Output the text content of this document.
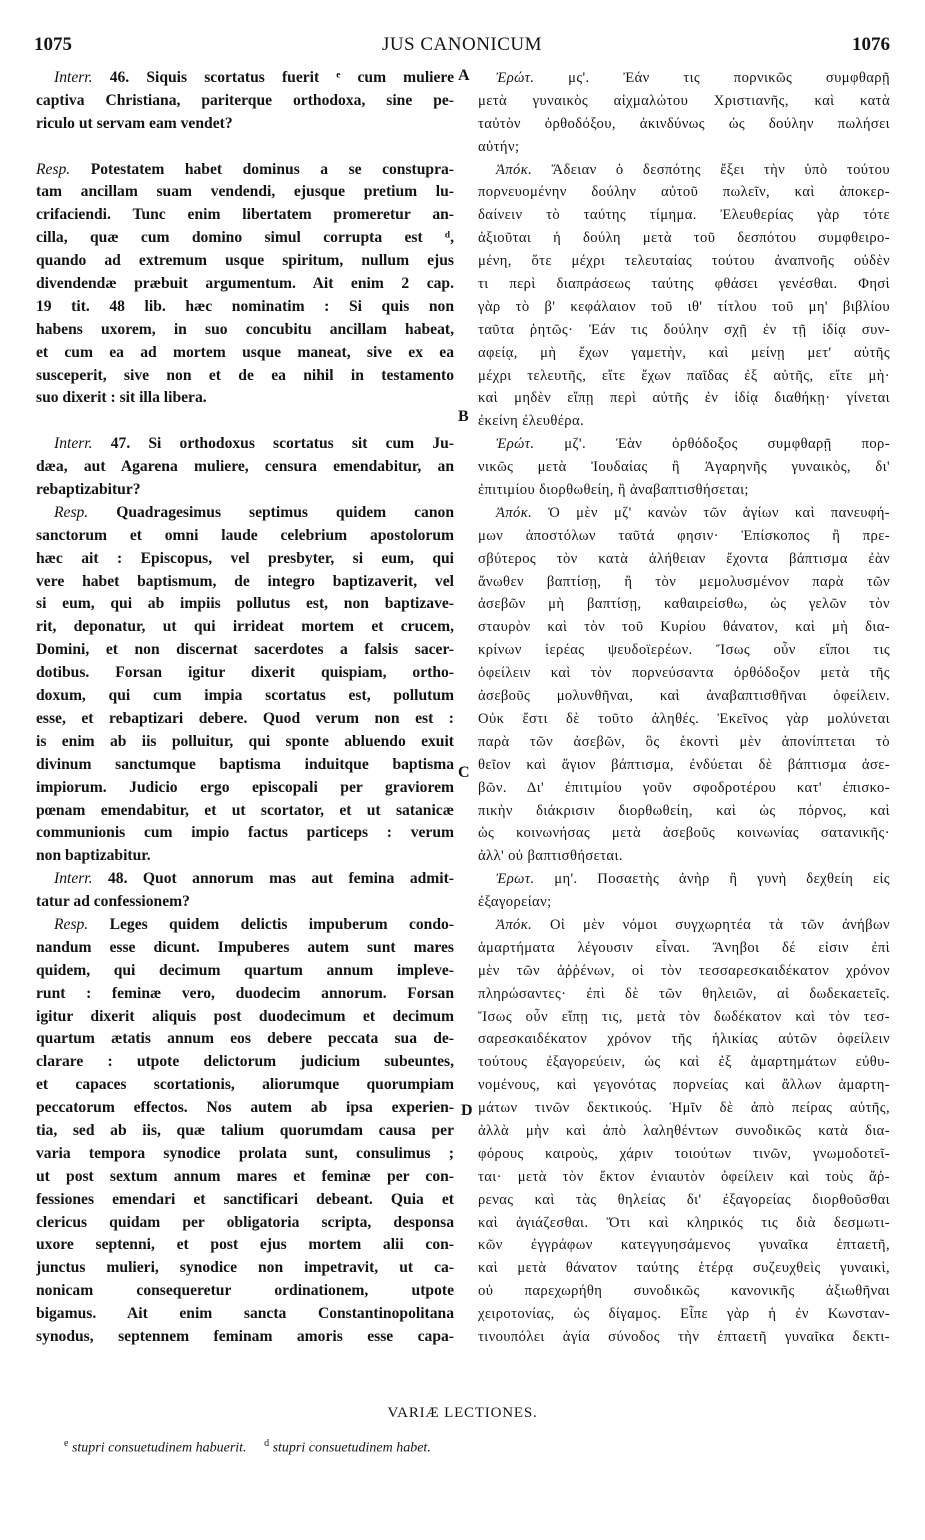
1075	JUS CANONICUM	1076
Interr. 46. Siquis scortatus fuerit ᵉ cum muliere
captiva Christiana, pariterque orthodoxa, sine pe-
riculo ut servam eam vendet?
Resp. Potestatem habet dominus a se constupra-
tam ancillam suam vendendi, ejusque pretium lu-
crifaciendi. Tunc enim libertatem promeretur an-
cilla, quæ cum domino simul corrupta est ᵈ,
quando ad extremum usque spiritum, nullum ejus
divendendæ præbuit argumentum. Ait enim 2 cap.
19 tit. 48 lib. hæc nominatim : Si quis non
habens uxorem, in suo concubitu ancillam habeat,
et cum ea ad mortem usque maneat, sive ex ea
susceperit, sive non et de ea nihil in testamento
suo dixerit : sit illa libera.
Interr. 47. Si orthodoxus scortatus sit cum Ju-
dæa, aut Agarena muliere, censura emendabitur, an
rebaptizabitur?
Resp. Quadragesimus septimus quidem canon
sanctorum et omni laude celebrium apostolorum
hæc ait : Episcopus, vel presbyter, si eum, qui
vere habet baptismum, de integro baptizaverit, vel
si eum, qui ab impiis pollutus est, non baptizave-
rit, deponatur, ut qui irrideat mortem et crucem,
Domini, et non discernat sacerdotes a falsis sacer-
dotibus. Forsan igitur dixerit quispiam, ortho-
doxum, qui cum impia scortatus est, pollutum
esse, et rebaptizari debere. Quod verum non est :
is enim ab iis polluitur, qui sponte abluendo exuit
divinum sanctumque baptisma induitque baptisma
impiorum. Judicio ergo episcopali per graviorem
pœnam emendabitur, et ut scortator, et ut satanicæ
communionis cum impio factus particeps : verum
non baptizabitur.
Interr. 48. Quot annorum mas aut femina admit-
tatur ad confessionem?
Resp. Leges quidem delictis impuberum condo-
nandum esse dicunt. Impuberes autem sunt mares
quidem, qui decimum quartum annum impleve-
runt : feminæ vero, duodecim annorum. Forsan
igitur dixerit aliquis post duodecimum et decimum
quartum ætatis annum eos debere peccata sua de-
clarare : utpote delictorum judicium subeuntes,
et capaces scortationis, aliorumque quorumpiam
peccatorum effectos. Nos autem ab ipsa experien-
tia, sed ab iis, quæ talium quorumdam causa per
varia tempora synodice prolata sunt, consulimus ;
ut post sextum annum mares et feminæ per con-
fessiones emendari et sanctificari debeant. Quia et
clericus quidam per obligatoria scripta, desponsa
uxore septenni, et post ejus mortem alii con-
junctus mulieri, synodice non impetravit, ut ca-
nonicam consequeretur ordinationem, utpote
bigamus. Ait enim sancta Constantinopolitana
synodus, septennem feminam amoris esse capa-
Ἐρώτ. μς'. Ἐάν τις πορνικῶς συμφθαρῇ
μετὰ γυναικὸς αἰχμαλώτου Χριστιανῆς, καὶ κατὰ
ταὐτὸν ὀρθοδόξου, ἀκινδύνως ὡς δούλην πωλήσει
αὐτήν;
Ἀπόκ. Ἄδειαν ὁ δεσπότης ἔξει τὴν ὑπὸ τούτου
πορνευομένην δούλην αὐτοῦ πωλεῖν, καὶ ἀποκερ-
δαίνειν τὸ ταύτης τίμημα. Ἐλευθερίας γὰρ τότε
ἀξιοῦται ἡ δούλη μετὰ τοῦ δεσπότου συμφθειρο-
μένη, ὅτε μέχρι τελευταίας τούτου ἀναπνοῆς οὐδὲν
τι περὶ διαπράσεως ταύτης φθάσει γενέσθαι. Φησὶ
γὰρ τὸ β' κεφάλαιον τοῦ ιθ' τίτλου τοῦ μη' βιβλίου
ταῦτα ῥητῶς· Ἐάν τις δούλην σχῇ ἐν τῇ ἰδίᾳ συν-
αφείᾳ, μὴ ἔχων γαμετὴν, καὶ μείνῃ μετ' αὐτῆς
μέχρι τελευτῆς, εἴτε ἔχων παῖδας ἐξ αὐτῆς, εἴτε μὴ·
καὶ μηδὲν εἴπῃ περὶ αὐτῆς ἐν ἰδίᾳ διαθήκῃ· γίνεται
ἐκείνη ἐλευθέρα.
Ἐρώτ. μζ'. Ἐὰν ὀρθόδοξος συμφθαρῇ πορ-
νικῶς μετὰ Ἰουδαίας ἢ Ἀγαρηνῆς γυναικὸς, δι'
ἐπιτιμίου διορθωθείη, ἢ ἀναβαπτισθήσεται;
Ἀπόκ. Ὁ μὲν μζ' κανὼν τῶν ἁγίων καὶ πανευφή-
μων ἀποστόλων ταῦτά φησιν· Ἐπίσκοπος ἢ πρε-
σβύτερος τὸν κατὰ ἀλήθειαν ἔχοντα βάπτισμα ἐὰν
ἄνωθεν βαπτίσῃ, ἢ τὸν μεμολυσμένον παρὰ τῶν
ἀσεβῶν μὴ βαπτίσῃ, καθαιρείσθω, ὡς γελῶν τὸν
σταυρὸν καὶ τὸν τοῦ Κυρίου θάνατον, καὶ μὴ δια-
κρίνων ἱερέας ψευδοϊερέων. Ἴσως οὖν εἴποι τις
ὀφείλειν καὶ τὸν πορνεύσαντα ὀρθόδοξον μετὰ τῆς
ἀσεβοῦς μολυνθῆναι, καὶ ἀναβαπτισθῆναι ὀφείλειν.
Οὐκ ἔστι δὲ τοῦτο ἀληθές. Ἐκεῖνος γὰρ μολύνεται
παρὰ τῶν ἀσεβῶν, ὃς ἑκοντὶ μὲν ἀπονίπτεται τὸ
θεῖον καὶ ἅγιον βάπτισμα, ἐνδύεται δὲ βάπτισμα ἀσε-
βῶν. Δι' ἐπιτιμίου γοῦν σφοδροτέρου κατ' ἐπισκο-
πικὴν διάκρισιν διορθωθείη, καὶ ὡς πόρνος, καὶ
ὡς κοινωνήσας μετὰ ἀσεβοῦς κοινωνίας σατανικῆς·
ἀλλ' οὐ βαπτισθήσεται.
Ἐρωτ. μη'. Ποσαετὴς ἀνὴρ ἢ γυνὴ δεχθείη εἰς
ἐξαγορείαν;
Ἀπόκ. Οἱ μὲν νόμοι συγχωρητέα τὰ τῶν ἀνήβων
ἁμαρτήματα λέγουσιν εἶναι. Ἄνηβοι δέ εἰσιν ἐπὶ
μὲν τῶν ἀῤῥένων, οἱ τὸν τεσσαρεσκαιδέκατον χρόνον
πληρώσαντες· ἐπὶ δὲ τῶν θηλειῶν, αἱ δωδεκαετεῖς.
Ἴσως οὖν εἴπῃ τις, μετὰ τὸν δωδέκατον καὶ τὸν τεσ-
σαρεσκαιδέκατον χρόνον τῆς ἡλικίας αὐτῶν ὀφείλειν
τούτους ἐξαγορεύειν, ὡς καὶ ἐξ ἁμαρτημάτων εὐθυ-
νομένους, καὶ γεγονότας πορνείας καὶ ἄλλων ἁμαρτη-
μάτων τινῶν δεκτικούς. Ἡμῖν δὲ ἀπὸ πείρας αὐτῆς,
ἀλλὰ μὴν καὶ ἀπὸ λαληθέντων συνοδικῶς κατὰ δια-
φόρους καιροὺς, χάριν τοιούτων τινῶν, γνωμοδοτεῖ-
ται· μετὰ τὸν ἕκτον ἐνιαυτὸν ὀφείλειν καὶ τοὺς ἄῤ-
ρενας καὶ τὰς θηλείας δι' ἐξαγορείας διορθοῦσθαι
καὶ ἁγιάζεσθαι. Ὅτι καὶ κληρικός τις διὰ δεσμωτι-
κῶν ἐγγράφων κατεγγυησάμενος γυναῖκα ἑπταετῆ,
καὶ μετὰ θάνατον ταύτης ἑτέρᾳ συζευχθεὶς γυναικὶ,
οὐ παρεχωρήθη συνοδικῶς κανονικῆς ἀξιωθῆναι
χειροτονίας, ὡς δίγαμος. Εἶπε γὰρ ἡ ἐν Κωνσταν-
τινουπόλει ἁγία σύνοδος τὴν ἑπταετῆ γυναῖκα δεκτι-
A
B
C
D
VARIÆ LECTIONES.
$^e$ stupri consuetudinem habuerit. $^d$ stupri consuetudinem habet.
